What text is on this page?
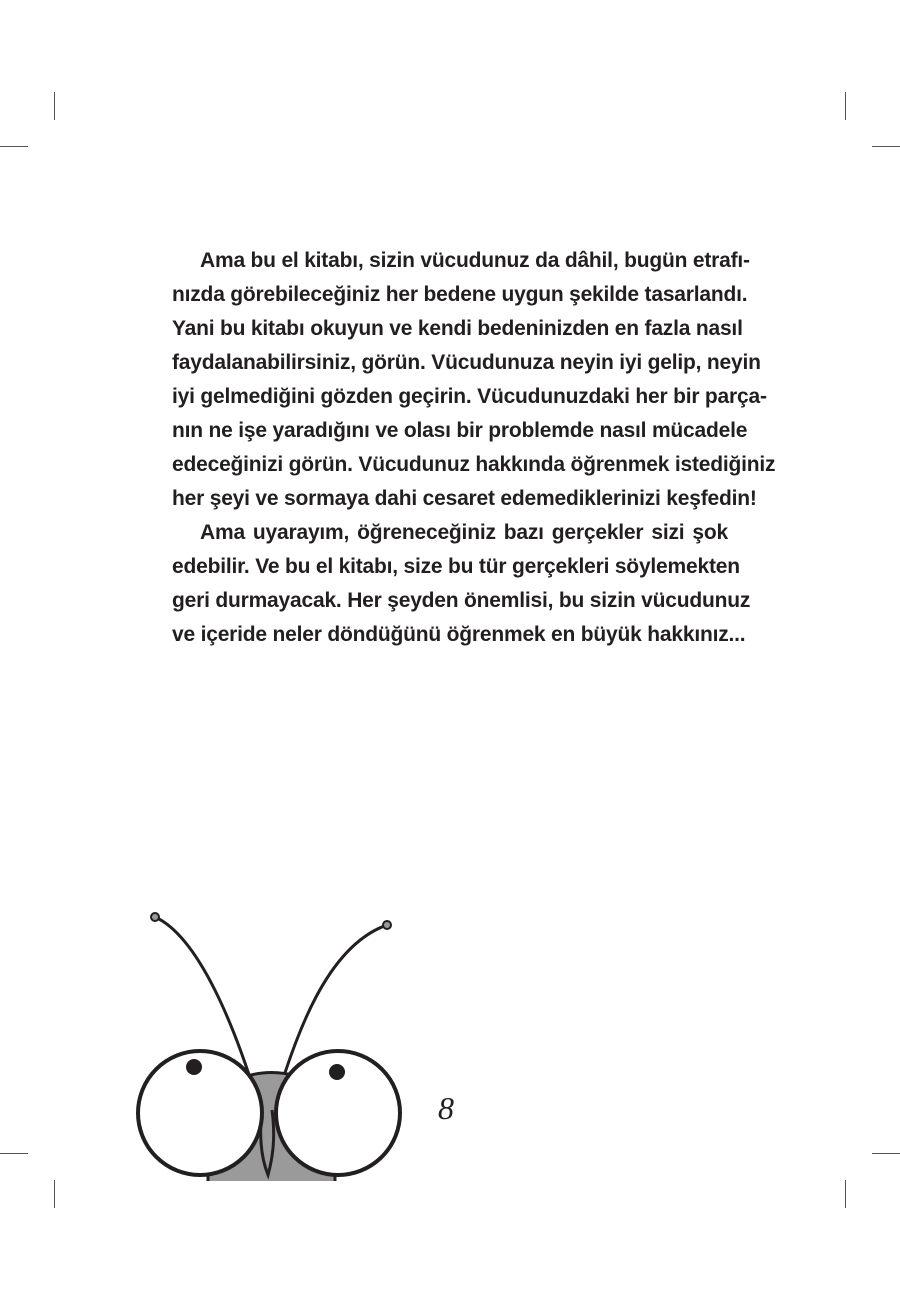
Ama bu el kitabı, sizin vücudunuz da dâhil, bugün etrafı-
nızda görebileceğiniz her bedene uygun şekilde tasarlandı.
Yani bu kitabı okuyun ve kendi bedeninizden en fazla nasıl
faydalanabilirsiniz, görün. Vücudunuza neyin iyi gelip, neyin
iyi gelmediğini gözden geçirin. Vücudunuzdaki her bir parça-
nın ne işe yaradığını ve olası bir problemde nasıl mücadele
edeceğinizi görün. Vücudunuz hakkında öğrenmek istediğiniz
her şeyi ve sormaya dahi cesaret edemediklerinizi keşfedin!
Ama uyarayım, öğreneceğiniz bazı gerçekler sizi şok
edebilir. Ve bu el kitabı, size bu tür gerçekleri söylemekten
geri durmayacak. Her şeyden önemlisi, bu sizin vücudunuz
ve içeride neler döndüğünü öğrenmek en büyük hakkınız...
8
